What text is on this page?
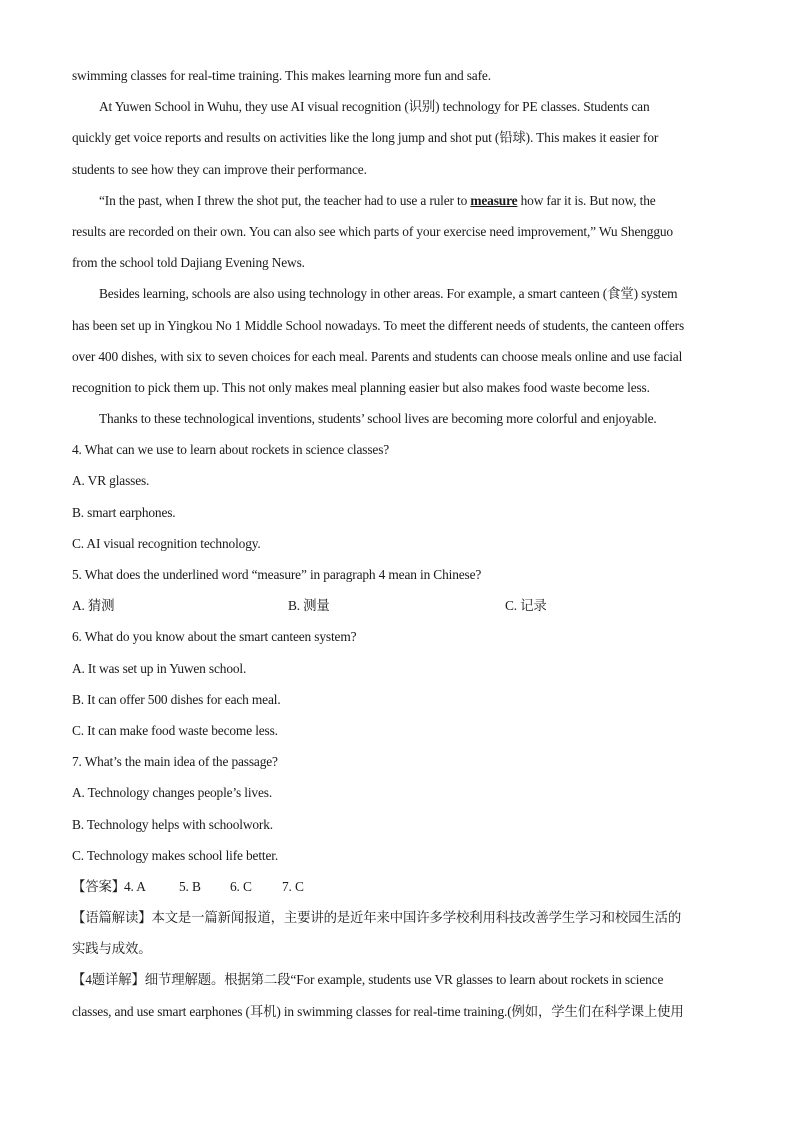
swimming classes for real-time training. This makes learning more fun and safe.
At Yuwen School in Wuhu, they use AI visual recognition (识别) technology for PE classes. Students can
quickly get voice reports and results on activities like the long jump and shot put (铅球). This makes it easier for
students to see how they can improve their performance.
“In the past, when I threw the shot put, the teacher had to use a ruler to measure how far it is. But now, the
results are recorded on their own. You can also see which parts of your exercise need improvement,” Wu Shengguo
from the school told Dajiang Evening News.
Besides learning, schools are also using technology in other areas. For example, a smart canteen (食堂) system
has been set up in Yingkou No 1 Middle School nowadays. To meet the different needs of students, the canteen offers
over 400 dishes, with six to seven choices for each meal. Parents and students can choose meals online and use facial
recognition to pick them up. This not only makes meal planning easier but also makes food waste become less.
Thanks to these technological inventions, students’ school lives are becoming more colorful and enjoyable.
4. What can we use to learn about rockets in science classes?
A. VR glasses.
B. smart earphones.
C. AI visual recognition technology.
5. What does the underlined word “measure” in paragraph 4 mean in Chinese?
A. 猜测	B. 测量	C. 记录
6. What do you know about the smart canteen system?
A. It was set up in Yuwen school.
B. It can offer 500 dishes for each meal.
C. It can make food waste become less.
7. What’s the main idea of the passage?
A. Technology changes people’s lives.
B. Technology helps with schoolwork.
C. Technology makes school life better.
【答案】 4. A 5. B 6. C 7. C
【语篇解读】本文是一篇新闻报道，主要讲的是近年来中国许多学校利用科技改善学生学习和校园生活的
实践与成效。
【4题详解】细节理解题。根据第二段“For example, students use VR glasses to learn about rockets in science
classes, and use smart earphones (耳机) in swimming classes for real-time training.(例如，学生们在科学课上使用
